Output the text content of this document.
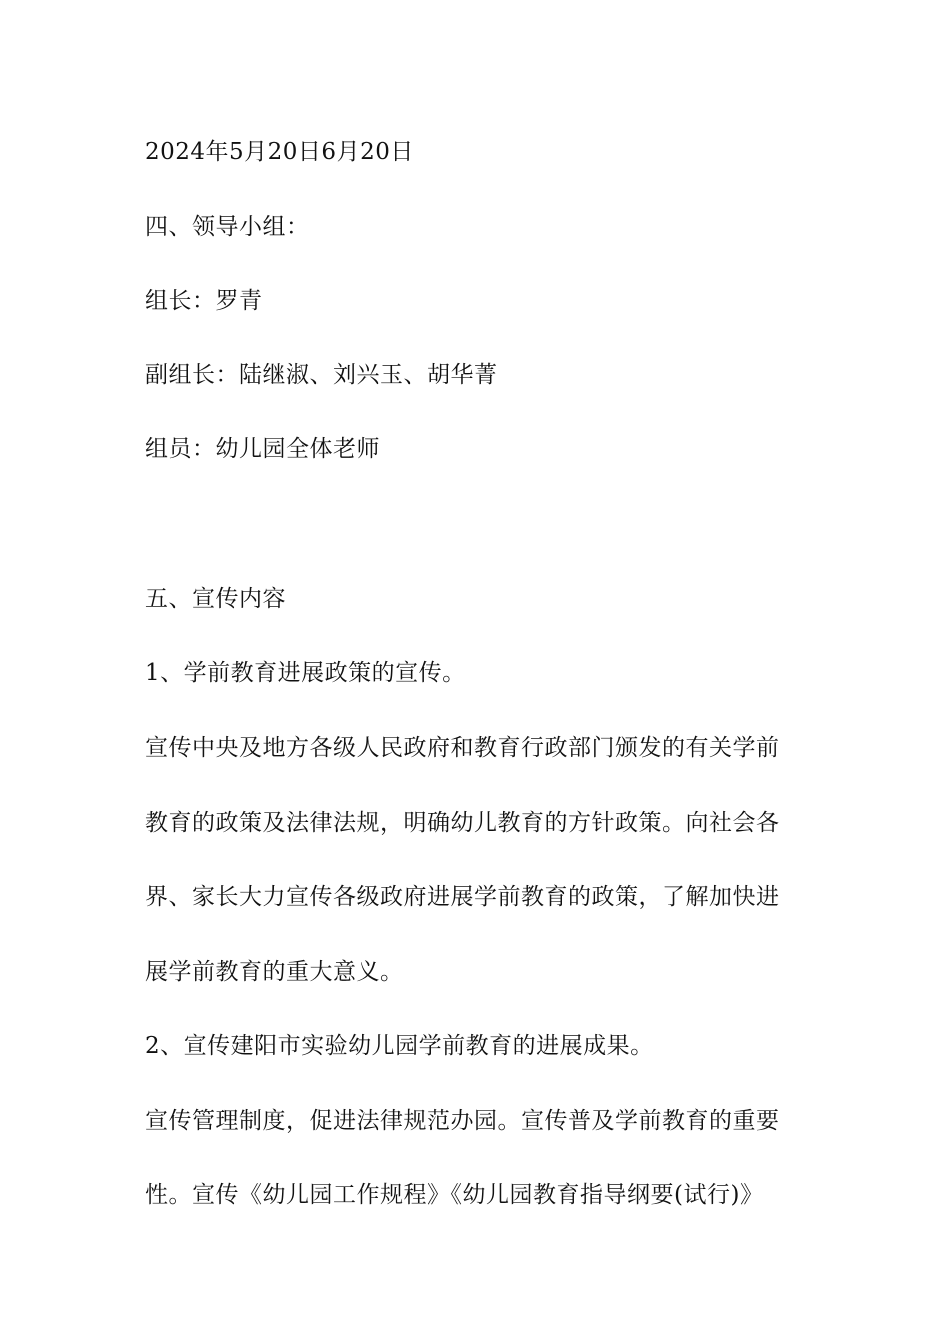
2024年5月20日6月20日
四、领导小组：
组长：罗青
副组长：陆继淑、刘兴玉、胡华菁
组员：幼儿园全体老师
五、宣传内容
1、学前教育进展政策的宣传。
宣传中央及地方各级人民政府和教育行政部门颁发的有关学前
教育的政策及法律法规，明确幼儿教育的方针政策。向社会各
界、家长大力宣传各级政府进展学前教育的政策，了解加快进
展学前教育的重大意义。
2、宣传建阳市实验幼儿园学前教育的进展成果。
宣传管理制度，促进法律规范办园。宣传普及学前教育的重要
性。宣传《幼儿园工作规程》《幼儿园教育指导纲要(试行)》
